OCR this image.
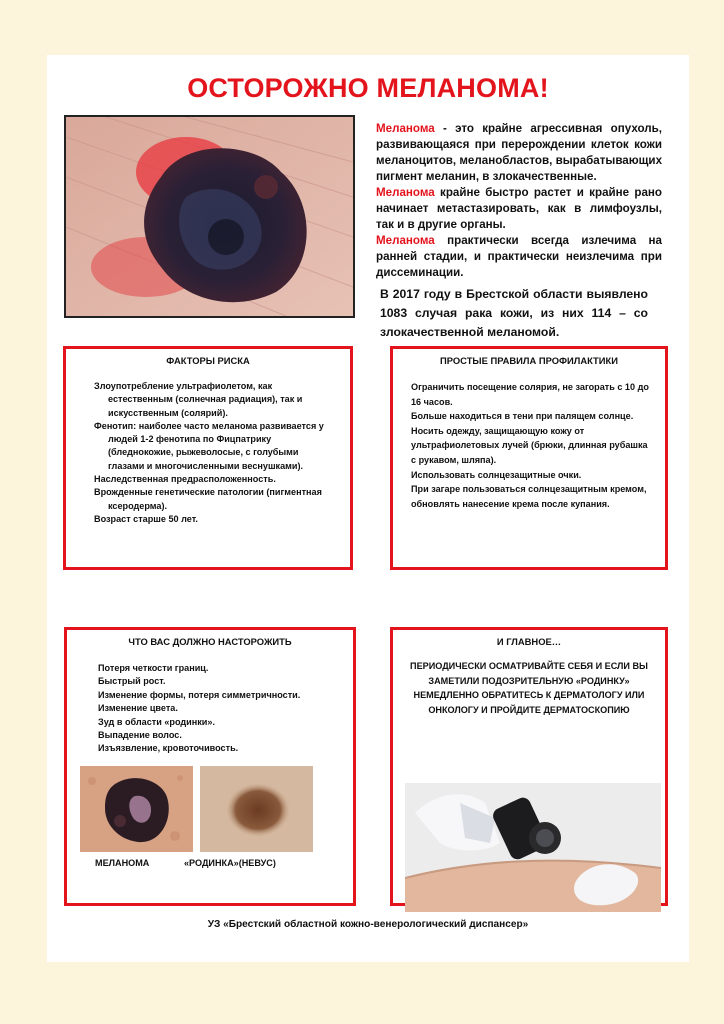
ОСТОРОЖНО МЕЛАНОМА!

Меланома - это крайне агрессивная опухоль, развивающаяся при перерождении клеток кожи меланоцитов, меланобластов, вырабатывающих пигмент меланин, в злокачественные.

Меланома крайне быстро растет и крайне рано начинает метастазировать, как в лимфоузлы, так и в другие органы.

Меланома практически всегда излечима на ранней стадии, и практически неизлечима при диссеминации.

В 2017 году в Брестской области выявлено 1083 случая рака кожи, из них 114 – со злокачественной меланомой.
ФАКТОРЫ РИСКА
Злоупотребление ультрафиолетом, как естественным (солнечная радиация), так и искусственным (солярий).
Фенотип: наиболее часто меланома развивается у людей 1-2 фенотипа по Фицпатрику (бледнокожие, рыжеволосые, с голубыми глазами и многочисленными веснушками).
Наследственная предрасположенность.
Врожденные генетические патологии (пигментная ксеродерма).
Возраст старше 50 лет.
ПРОСТЫЕ ПРАВИЛА ПРОФИЛАКТИКИ
Ограничить посещение солярия, не загорать с 10 до 16 часов.
Больше находиться в тени при палящем солнце.
Носить одежду, защищающую кожу от ультрафиолетовых лучей (брюки, длинная рубашка с рукавом, шляпа).
Использовать солнцезащитные очки.
При загаре пользоваться солнцезащитным кремом, обновлять нанесение крема после купания.
ЧТО ВАС ДОЛЖНО НАСТОРОЖИТЬ
Потеря четкости границ.
Быстрый рост.
Изменение формы, потеря симметричности.
Изменение цвета.
Зуд в области «родинки».
Выпадение волос.
Изъязвление, кровоточивость.
МЕЛАНОМА	«РОДИНКА»(НЕВУС)
И ГЛАВНОЕ…
ПЕРИОДИЧЕСКИ ОСМАТРИВАЙТЕ СЕБЯ И ЕСЛИ ВЫ ЗАМЕТИЛИ ПОДОЗРИТЕЛЬНУЮ «РОДИНКУ» НЕМЕДЛЕННО ОБРАТИТЕСЬ К ДЕРМАТОЛОГУ ИЛИ ОНКОЛОГУ И ПРОЙДИТЕ ДЕРМАТОСКОПИЮ
УЗ «Брестский областной кожно-венерологический диспансер»
